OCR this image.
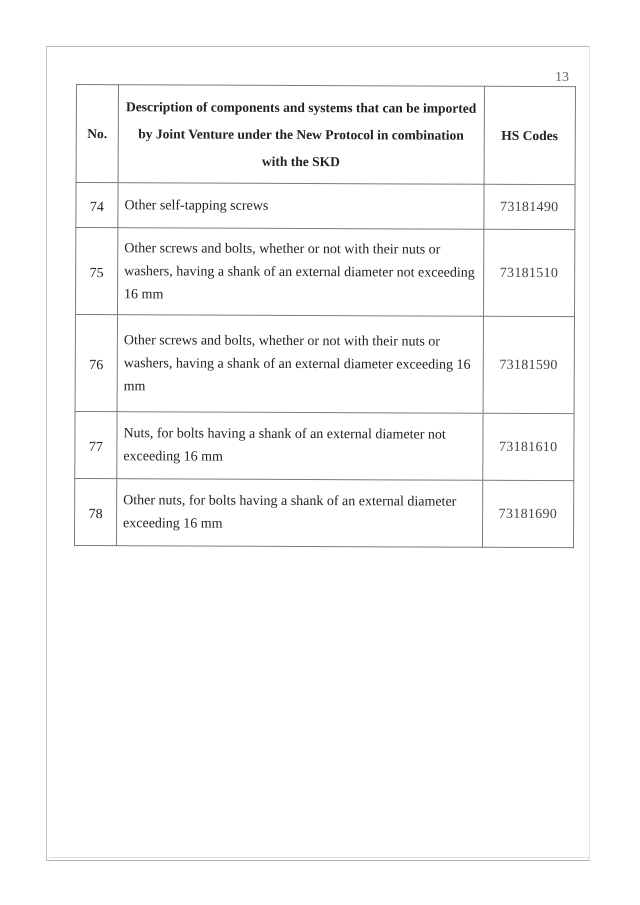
13
No.	Description of components and systems that can be imported by Joint Venture under the New Protocol in combination with the SKD	HS Codes
74	Other self-tapping screws	73181490
75	Other screws and bolts, whether or not with their nuts or washers, having a shank of an external diameter not exceeding 16 mm	73181510
76	Other screws and bolts, whether or not with their nuts or washers, having a shank of an external diameter exceeding 16 mm	73181590
77	Nuts, for bolts having a shank of an external diameter not exceeding 16 mm	73181610
78	Other nuts, for bolts having a shank of an external diameter exceeding 16 mm	73181690
